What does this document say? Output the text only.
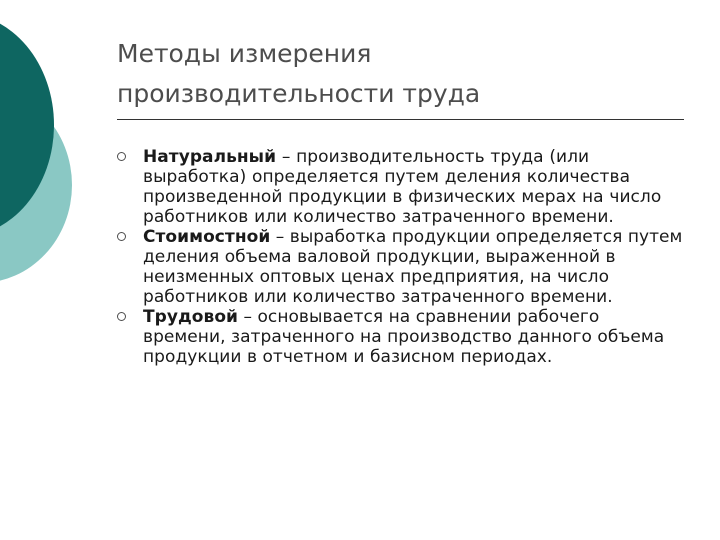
Методы измерения
производительности труда
Натуральный – производительность труда (или выработка) определяется путем деления количества произведенной продукции в физических мерах на число работников или количество затраченного времени.
Стоимостной – выработка продукции определяется путем деления объема валовой продукции, выраженной в неизменных оптовых ценах предприятия, на число работников или количество затраченного времени.
Трудовой – основывается на сравнении рабочего времени, затраченного на производство данного объема продукции в отчетном и базисном периодах.
